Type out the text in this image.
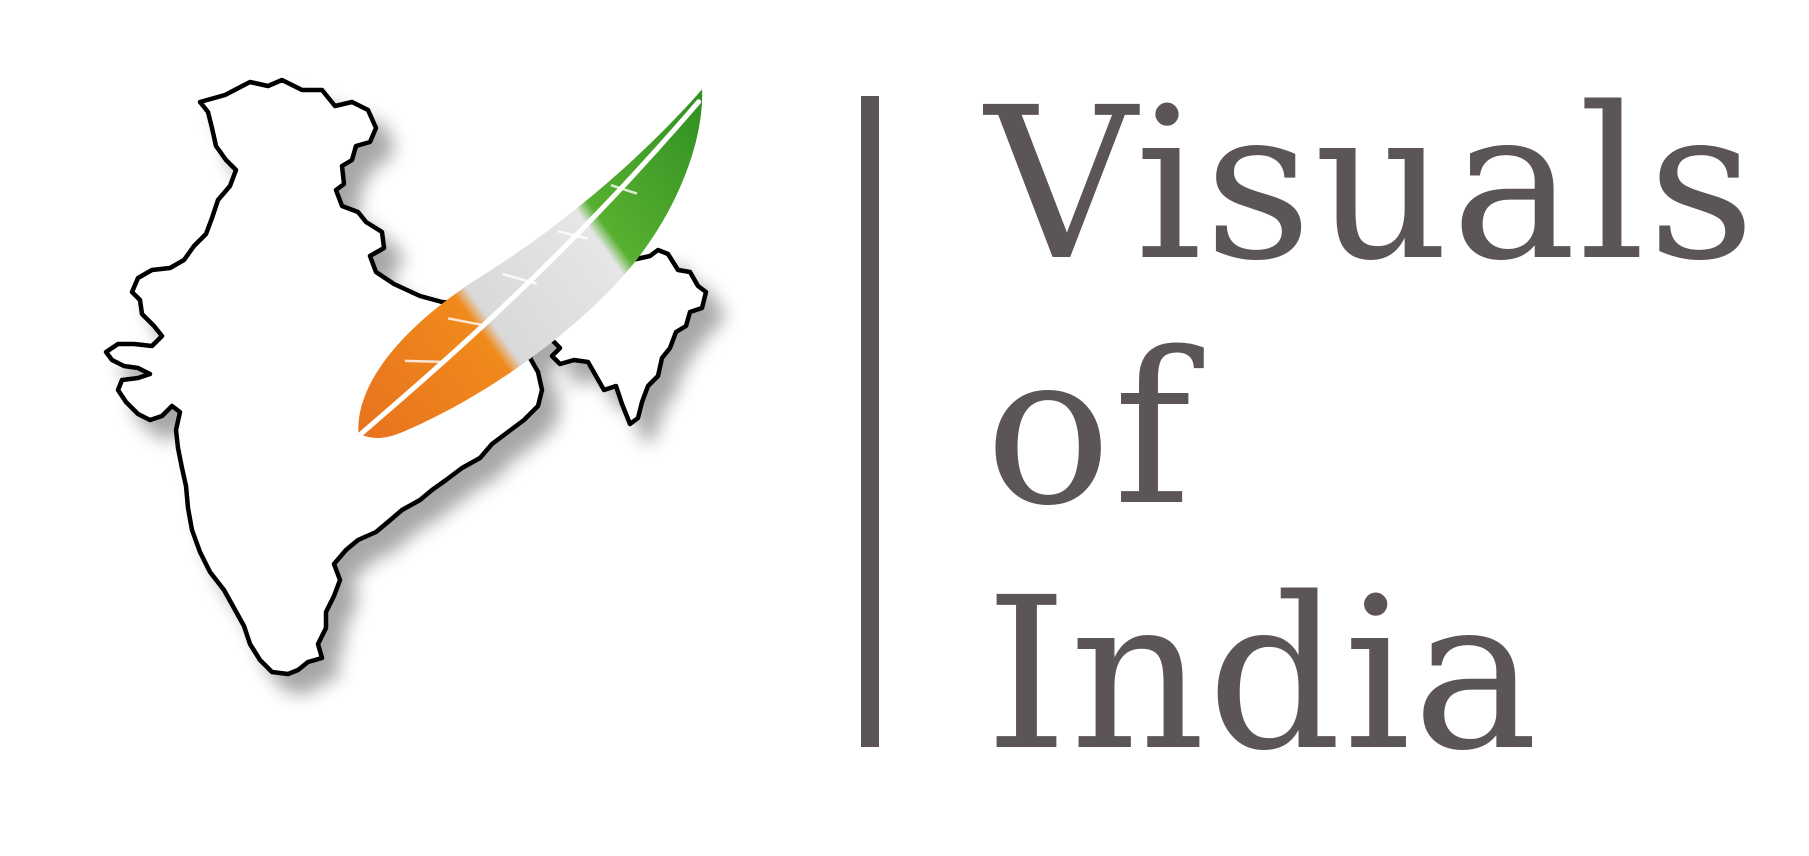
Visuals
of
India
